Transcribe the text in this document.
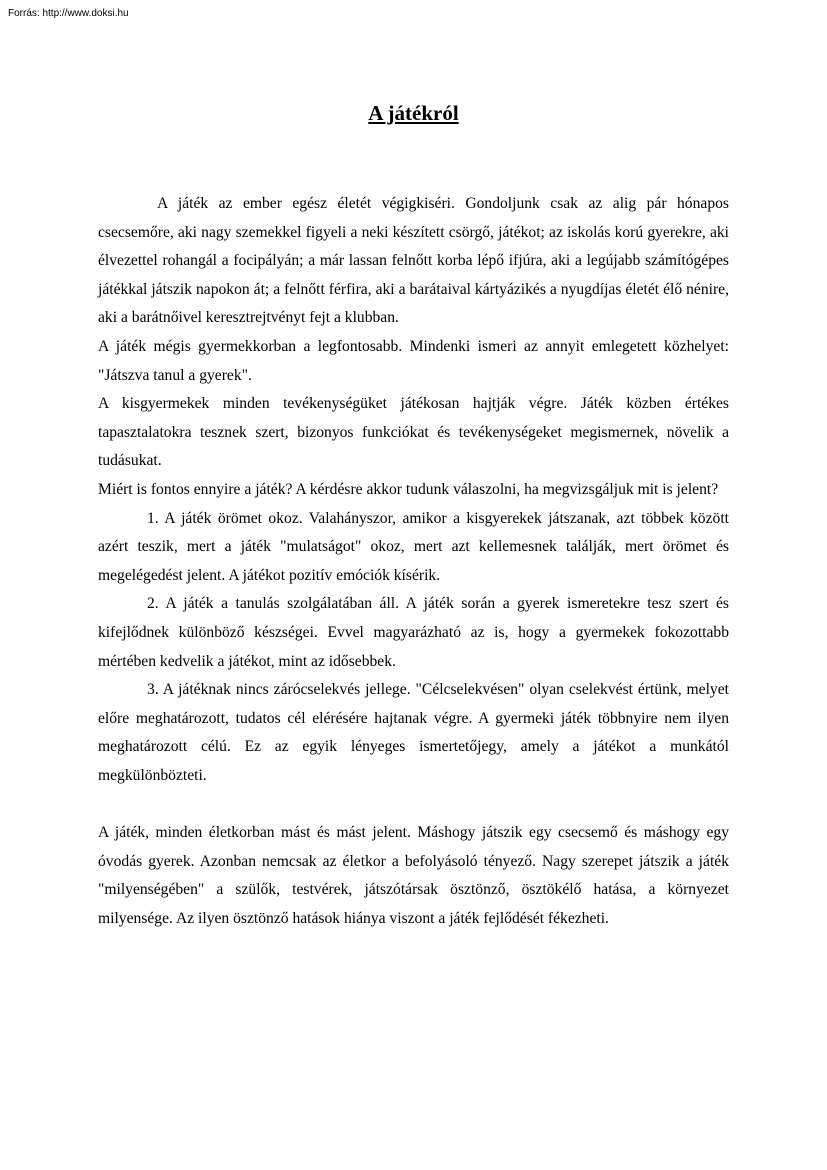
Forrás: http://www.doksi.hu
A játékról

A játék az ember egész életét végigkiséri. Gondoljunk csak az alig pár hónapos csecsemőre, aki nagy szemekkel figyeli a neki készített csörgő, játékot; az iskolás korú gyerekre, aki élvezettel rohangál a focipályán; a már lassan felnőtt korba lépő ifjúra, aki a legújabb számítógépes játékkal játszik napokon át; a felnőtt férfira, aki a barátaival kártyázikés a nyugdíjas életét élő nénire, aki a barátnőivel keresztrejtvényt fejt a klubban.

A játék mégis gyermekkorban a legfontosabb. Mindenki ismeri az annyit emlegetett közhelyet: "Játszva tanul a gyerek".

A kisgyermekek minden tevékenységüket játékosan hajtják végre. Játék közben értékes tapasztalatokra tesznek szert, bizonyos funkciókat és tevékenységeket megismernek, növelik a tudásukat.

Miért is fontos ennyire a játék? A kérdésre akkor tudunk válaszolni, ha megvizsgáljuk mit is jelent?

1. A játék örömet okoz. Valahányszor, amikor a kisgyerekek játszanak, azt többek között azért teszik, mert a játék "mulatságot" okoz, mert azt kellemesnek találják, mert örömet és megelégedést jelent. A játékot pozitív emóciók kísérik.

2. A játék a tanulás szolgálatában áll. A játék során a gyerek ismeretekre tesz szert és kifejlődnek különböző készségei. Evvel magyarázható az is, hogy a gyermekek fokozottabb mértében kedvelik a játékot, mint az idősebbek.

3. A játéknak nincs zárócselekvés jellege. "Célcselekvésen" olyan cselekvést értünk, melyet előre meghatározott, tudatos cél elérésére hajtanak végre. A gyermeki játék többnyire nem ilyen meghatározott célú. Ez az egyik lényeges ismertetőjegy, amely a játékot a munkától megkülönbözteti.

A játék, minden életkorban mást és mást jelent. Máshogy játszik egy csecsemő és máshogy egy óvodás gyerek. Azonban nemcsak az életkor a befolyásoló tényező. Nagy szerepet játszik a játék "milyenségében" a szülők, testvérek, játszótársak ösztönző, ösztökélő hatása, a környezet milyensége. Az ilyen ösztönző hatások hiánya viszont a játék fejlődését fékezheti.
